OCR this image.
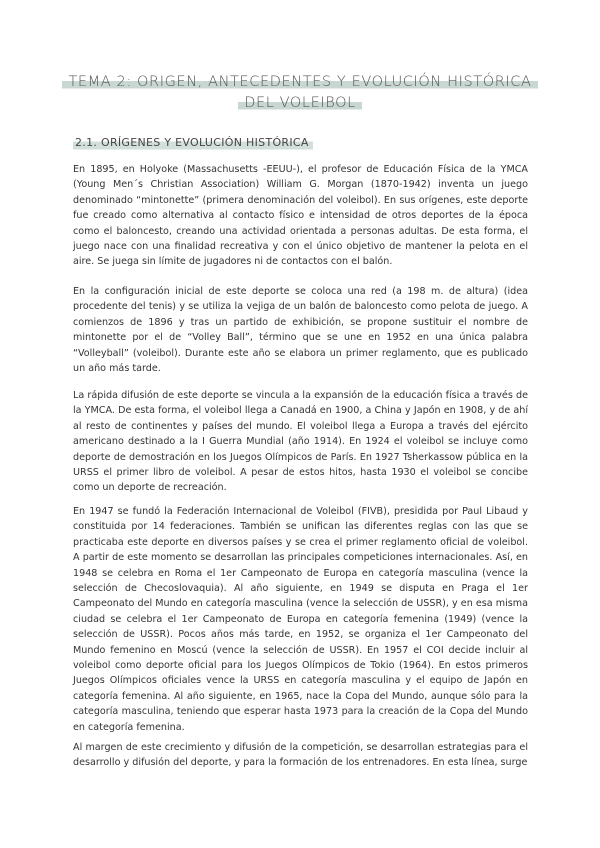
TEMA 2: ORIGEN, ANTECEDENTES Y EVOLUCIÓN HISTÓRICA
DEL VOLEIBOL
2.1. ORÍGENES Y EVOLUCIÓN HISTÓRICA

En 1895, en Holyoke (Massachusetts -EEUU-), el profesor de Educación Física de la YMCA (Young Men´s Christian Association) William G. Morgan (1870-1942) inventa un juego denominado “mintonette” (primera denominación del voleibol). En sus orígenes, este deporte fue creado como alternativa al contacto físico e intensidad de otros deportes de la época como el baloncesto, creando una actividad orientada a personas adultas. De esta forma, el juego nace con una finalidad recreativa y con el único objetivo de mantener la pelota en el aire. Se juega sin límite de jugadores ni de contactos con el balón.

En la configuración inicial de este deporte se coloca una red (a 198 m. de altura) (idea procedente del tenis) y se utiliza la vejiga de un balón de baloncesto como pelota de juego. A comienzos de 1896 y tras un partido de exhibición, se propone sustituir el nombre de mintonette por el de “Volley Ball”, término que se une en 1952 en una única palabra “Volleyball” (voleibol). Durante este año se elabora un primer reglamento, que es publicado un año más tarde.

La rápida difusión de este deporte se vincula a la expansión de la educación física a través de la YMCA. De esta forma, el voleibol llega a Canadá en 1900, a China y Japón en 1908, y de ahí al resto de continentes y países del mundo. El voleibol llega a Europa a través del ejército americano destinado a la I Guerra Mundial (año 1914). En 1924 el voleibol se incluye como deporte de demostración en los Juegos Olímpicos de París. En 1927 Tsherkassow pública en la URSS el primer libro de voleibol. A pesar de estos hitos, hasta 1930 el voleibol se concibe como un deporte de recreación.

En 1947 se fundó la Federación Internacional de Voleibol (FIVB), presidida por Paul Libaud y constituida por 14 federaciones. También se unifican las diferentes reglas con las que se practicaba este deporte en diversos países y se crea el primer reglamento oficial de voleibol. A partir de este momento se desarrollan las principales competiciones internacionales. Así, en 1948 se celebra en Roma el 1er Campeonato de Europa en categoría masculina (vence la selección de Checoslovaquia). Al año siguiente, en 1949 se disputa en Praga el 1er Campeonato del Mundo en categoría masculina (vence la selección de USSR), y en esa misma ciudad se celebra el 1er Campeonato de Europa en categoría femenina (1949) (vence la selección de USSR). Pocos años más tarde, en 1952, se organiza el 1er Campeonato del Mundo femenino en Moscú (vence la selección de USSR). En 1957 el COI decide incluir al voleibol como deporte oficial para los Juegos Olímpicos de Tokio (1964). En estos primeros Juegos Olímpicos oficiales vence la URSS en categoría masculina y el equipo de Japón en categoría femenina. Al año siguiente, en 1965, nace la Copa del Mundo, aunque sólo para la categoría masculina, teniendo que esperar hasta 1973 para la creación de la Copa del Mundo en categoría femenina.

Al margen de este crecimiento y difusión de la competición, se desarrollan estrategias para el desarrollo y difusión del deporte, y para la formación de los entrenadores. En esta línea, surge
